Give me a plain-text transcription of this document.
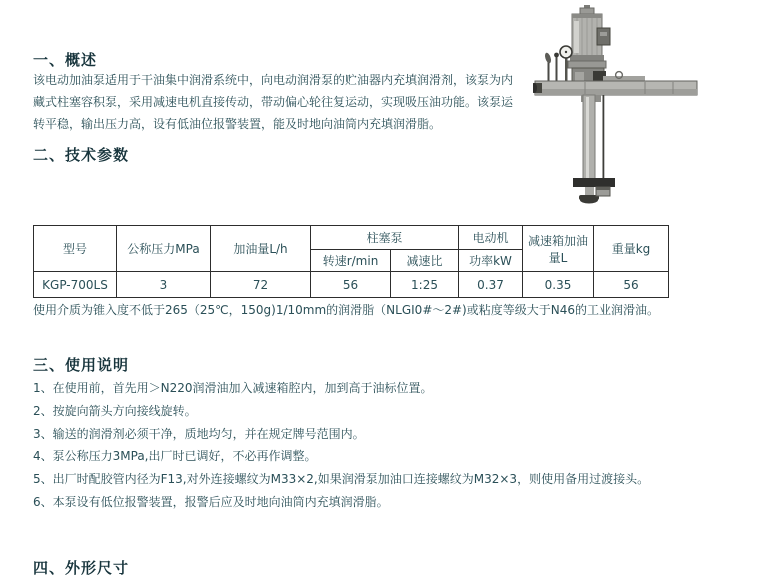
一、概述
该电动加油泵适用于干油集中润滑系统中，向电动润滑泵的贮油器内充填润滑剂，该泵为内
藏式柱塞容积泵，采用减速电机直接传动，带动偏心轮往复运动，实现吸压油功能。该泵运
转平稳，输出压力高，设有低油位报警装置，能及时地向油筒内充填润滑脂。
二、技术参数
型号	公称压力MPa	加油量L/h	柱塞泵		电动机	减速箱加油量L	重量kg
			转速r/min	减速比	功率kW		
KGP-700LS	3	72	56	1:25	0.37	0.35	56
使用介质为锥入度不低于265（25℃，150g)1/10mm的润滑脂（NLGI0#～2#)或粘度等级大于N46的工业润滑油。
三、使用说明
1、在使用前，首先用＞N220润滑油加入减速箱腔内，加到高于油标位置。
2、按旋向箭头方向接线旋转。
3、输送的润滑剂必须干净，质地均匀，并在规定牌号范围内。
4、泵公称压力3MPa,出厂时已调好，不必再作调整。
5、出厂时配胶管内径为F13,对外连接螺纹为M33×2,如果润滑泵加油口连接螺纹为M32×3，则使用备用过渡接头。
6、本泵设有低位报警装置，报警后应及时地向油筒内充填润滑脂。
四、外形尺寸
